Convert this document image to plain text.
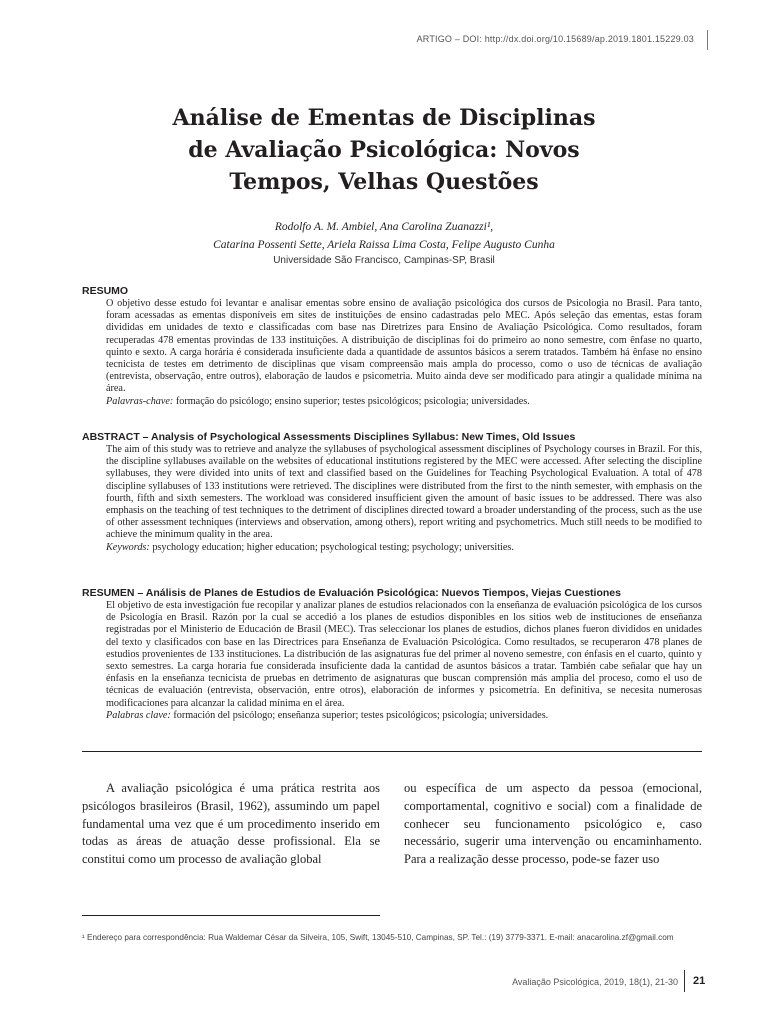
ARTIGO – DOI: http://dx.doi.org/10.15689/ap.2019.1801.15229.03
Análise de Ementas de Disciplinas
de Avaliação Psicológica: Novos
Tempos, Velhas Questões
Rodolfo A. M. Ambiel, Ana Carolina Zuanazzi¹,
Catarina Possenti Sette, Ariela Raissa Lima Costa, Felipe Augusto Cunha
Universidade São Francisco, Campinas-SP, Brasil
RESUMO

O objetivo desse estudo foi levantar e analisar ementas sobre ensino de avaliação psicológica dos cursos de Psicologia no Brasil. Para tanto, foram acessadas as ementas disponíveis em sites de instituições de ensino cadastradas pelo MEC. Após seleção das ementas, estas foram divididas em unidades de texto e classificadas com base nas Diretrizes para Ensino de Avaliação Psicológica. Como resultados, foram recuperadas 478 ementas provindas de 133 instituições. A distribuição de disciplinas foi do primeiro ao nono semestre, com ênfase no quarto, quinto e sexto. A carga horária é considerada insuficiente dada a quantidade de assuntos básicos a serem tratados. Também há ênfase no ensino tecnicista de testes em detrimento de disciplinas que visam compreensão mais ampla do processo, como o uso de técnicas de avaliação (entrevista, observação, entre outros), elaboração de laudos e psicometria. Muito ainda deve ser modificado para atingir a qualidade mínima na área.

Palavras-chave: formação do psicólogo; ensino superior; testes psicológicos; psicologia; universidades.
ABSTRACT – Analysis of Psychological Assessments Disciplines Syllabus: New Times, Old Issues

The aim of this study was to retrieve and analyze the syllabuses of psychological assessment disciplines of Psychology courses in Brazil. For this, the discipline syllabuses available on the websites of educational institutions registered by the MEC were accessed. After selecting the discipline syllabuses, they were divided into units of text and classified based on the Guidelines for Teaching Psychological Evaluation. A total of 478 discipline syllabuses of 133 institutions were retrieved. The disciplines were distributed from the first to the ninth semester, with emphasis on the fourth, fifth and sixth semesters. The workload was considered insufficient given the amount of basic issues to be addressed. There was also emphasis on the teaching of test techniques to the detriment of disciplines directed toward a broader understanding of the process, such as the use of other assessment techniques (interviews and observation, among others), report writing and psychometrics. Much still needs to be modified to achieve the minimum quality in the area.

Keywords: psychology education; higher education; psychological testing; psychology; universities.
RESUMEN – Análisis de Planes de Estudios de Evaluación Psicológica: Nuevos Tiempos, Viejas Cuestiones

El objetivo de esta investigación fue recopilar y analizar planes de estudios relacionados con la enseñanza de evaluación psicológica de los cursos de Psicología en Brasil. Razón por la cual se accedió a los planes de estudios disponibles en los sitios web de instituciones de enseñanza registradas por el Ministerio de Educación de Brasil (MEC). Tras seleccionar los planes de estudios, dichos planes fueron divididos en unidades del texto y clasificados con base en las Directrices para Enseñanza de Evaluación Psicológica. Como resultados, se recuperaron 478 planes de estudios provenientes de 133 instituciones. La distribución de las asignaturas fue del primer al noveno semestre, con énfasis en el cuarto, quinto y sexto semestres. La carga horaria fue considerada insuficiente dada la cantidad de asuntos básicos a tratar. También cabe señalar que hay un énfasis en la enseñanza tecnicista de pruebas en detrimento de asignaturas que buscan comprensión más amplia del proceso, como el uso de técnicas de evaluación (entrevista, observación, entre otros), elaboración de informes y psicometría. En definitiva, se necesita numerosas modificaciones para alcanzar la calidad mínima en el área.

Palabras clave: formación del psicólogo; enseñanza superior; testes psicológicos; psicología; universidades.
A avaliação psicológica é uma prática restrita aos psicólogos brasileiros (Brasil, 1962), assumindo um papel fundamental uma vez que é um procedimento inserido em todas as áreas de atuação desse profissional. Ela se constitui como um processo de avaliação global
ou específica de um aspecto da pessoa (emocional, comportamental, cognitivo e social) com a finalidade de conhecer seu funcionamento psicológico e, caso necessário, sugerir uma intervenção ou encaminhamento. Para a realização desse processo, pode-se fazer uso
¹ Endereço para correspondência: Rua Waldemar César da Silveira, 105, Swift, 13045-510, Campinas, SP. Tel.: (19) 3779-3371. E-mail: anacarolina.zf@gmail.com
Avaliação Psicológica, 2019, 18(1), 21-30	21
